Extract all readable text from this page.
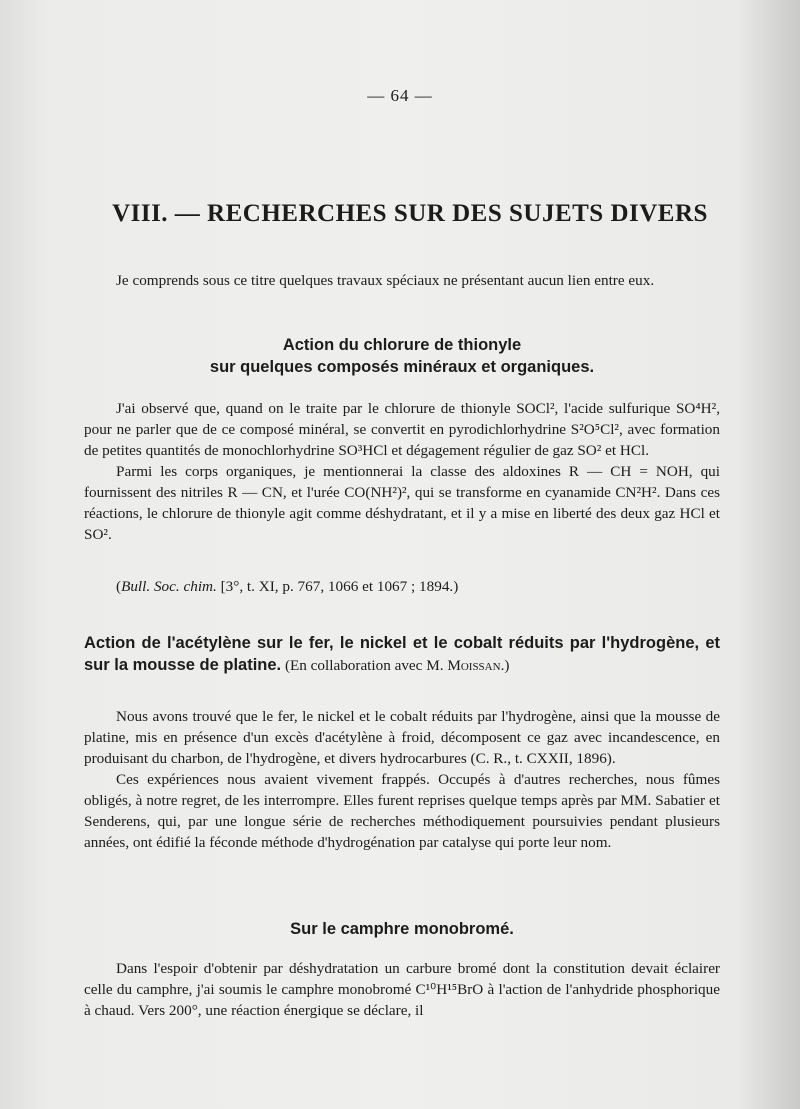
— 64 —
VIII. — RECHERCHES SUR DES SUJETS DIVERS

Je comprends sous ce titre quelques travaux spéciaux ne présentant aucun lien entre eux.

Action du chlorure de thionyle
sur quelques composés minéraux et organiques.

J'ai observé que, quand on le traite par le chlorure de thionyle SOCl², l'acide sulfurique SO⁴H², pour ne parler que de ce composé minéral, se convertit en pyrodichlorhydrine S²O⁵Cl², avec formation de petites quantités de monochlorhydrine SO³HCl et dégagement régulier de gaz SO² et HCl.

Parmi les corps organiques, je mentionnerai la classe des aldoxines R — CH = NOH, qui fournissent des nitriles R — CN, et l'urée CO(NH²)², qui se transforme en cyanamide CN²H². Dans ces réactions, le chlorure de thionyle agit comme déshydratant, et il y a mise en liberté des deux gaz HCl et SO².

(Bull. Soc. chim. [3°, t. XI, p. 767, 1066 et 1067 ; 1894.)
Action de l'acétylène sur le fer, le nickel et le cobalt réduits par l'hydrogène, et sur la mousse de platine. (En collaboration avec M. Moissan.)

Nous avons trouvé que le fer, le nickel et le cobalt réduits par l'hydrogène, ainsi que la mousse de platine, mis en présence d'un excès d'acétylène à froid, décomposent ce gaz avec incandescence, en produisant du charbon, de l'hydrogène, et divers hydrocarbures (C. R., t. CXXII, 1896).

Ces expériences nous avaient vivement frappés. Occupés à d'autres recherches, nous fûmes obligés, à notre regret, de les interrompre. Elles furent reprises quelque temps après par MM. Sabatier et Senderens, qui, par une longue série de recherches méthodiquement poursuivies pendant plusieurs années, ont édifié la féconde méthode d'hydrogénation par catalyse qui porte leur nom.

Sur le camphre monobromé.

Dans l'espoir d'obtenir par déshydratation un carbure bromé dont la constitution devait éclairer celle du camphre, j'ai soumis le camphre monobromé C¹⁰H¹⁵BrO à l'action de l'anhydride phosphorique à chaud. Vers 200°, une réaction énergique se déclare, il
